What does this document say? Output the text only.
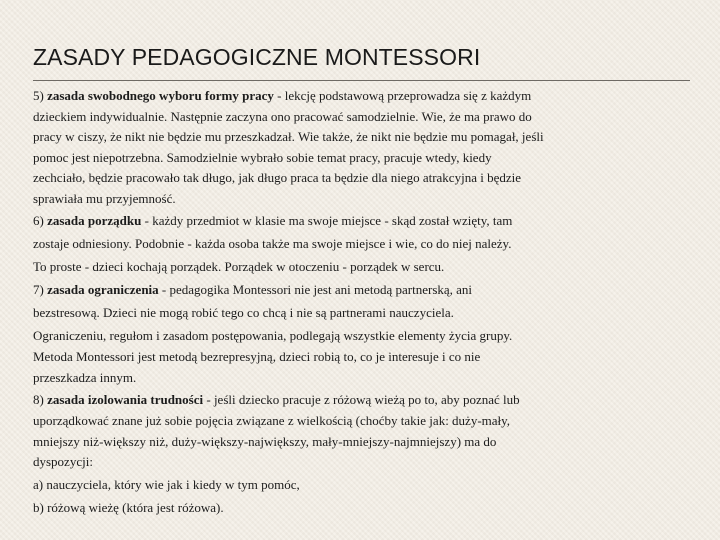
ZASADY PEDAGOGICZNE MONTESSORI
5) zasada swobodnego wyboru formy pracy - lekcję podstawową przeprowadza się z każdym
dzieckiem indywidualnie. Następnie zaczyna ono pracować samodzielnie. Wie, że ma prawo do
pracy w ciszy, że nikt nie będzie mu przeszkadzał. Wie także, że nikt nie będzie mu pomagał, jeśli
pomoc jest niepotrzebna. Samodzielnie wybrało sobie temat pracy, pracuje wtedy, kiedy
zechciało, będzie pracowało tak długo, jak długo praca ta będzie dla niego atrakcyjna i będzie
sprawiała mu przyjemność.
6) zasada porządku - każdy przedmiot w klasie ma swoje miejsce - skąd został wzięty, tam
zostaje odniesiony. Podobnie - każda osoba także ma swoje miejsce i wie, co do niej należy.
To proste - dzieci kochają porządek. Porządek w otoczeniu - porządek w sercu.
7) zasada ograniczenia - pedagogika Montessori nie jest ani metodą partnerską, ani
bezstresową. Dzieci nie mogą robić tego co chcą i nie są partnerami nauczyciela.
Ograniczeniu, regułom i zasadom postępowania, podlegają wszystkie elementy życia grupy.
Metoda Montessori jest metodą bezrepresyjną, dzieci robią to, co je interesuje i co nie
przeszkadza innym.
8) zasada izolowania trudności - jeśli dziecko pracuje z różową wieżą po to, aby poznać lub
uporządkować znane już sobie pojęcia związane z wielkością (choćby takie jak: duży-mały,
mniejszy niż-większy niż, duży-większy-największy, mały-mniejszy-najmniejszy) ma do
dyspozycji:
a) nauczyciela, który wie jak i kiedy w tym pomóc,
b) różową wieżę (która jest różowa).
